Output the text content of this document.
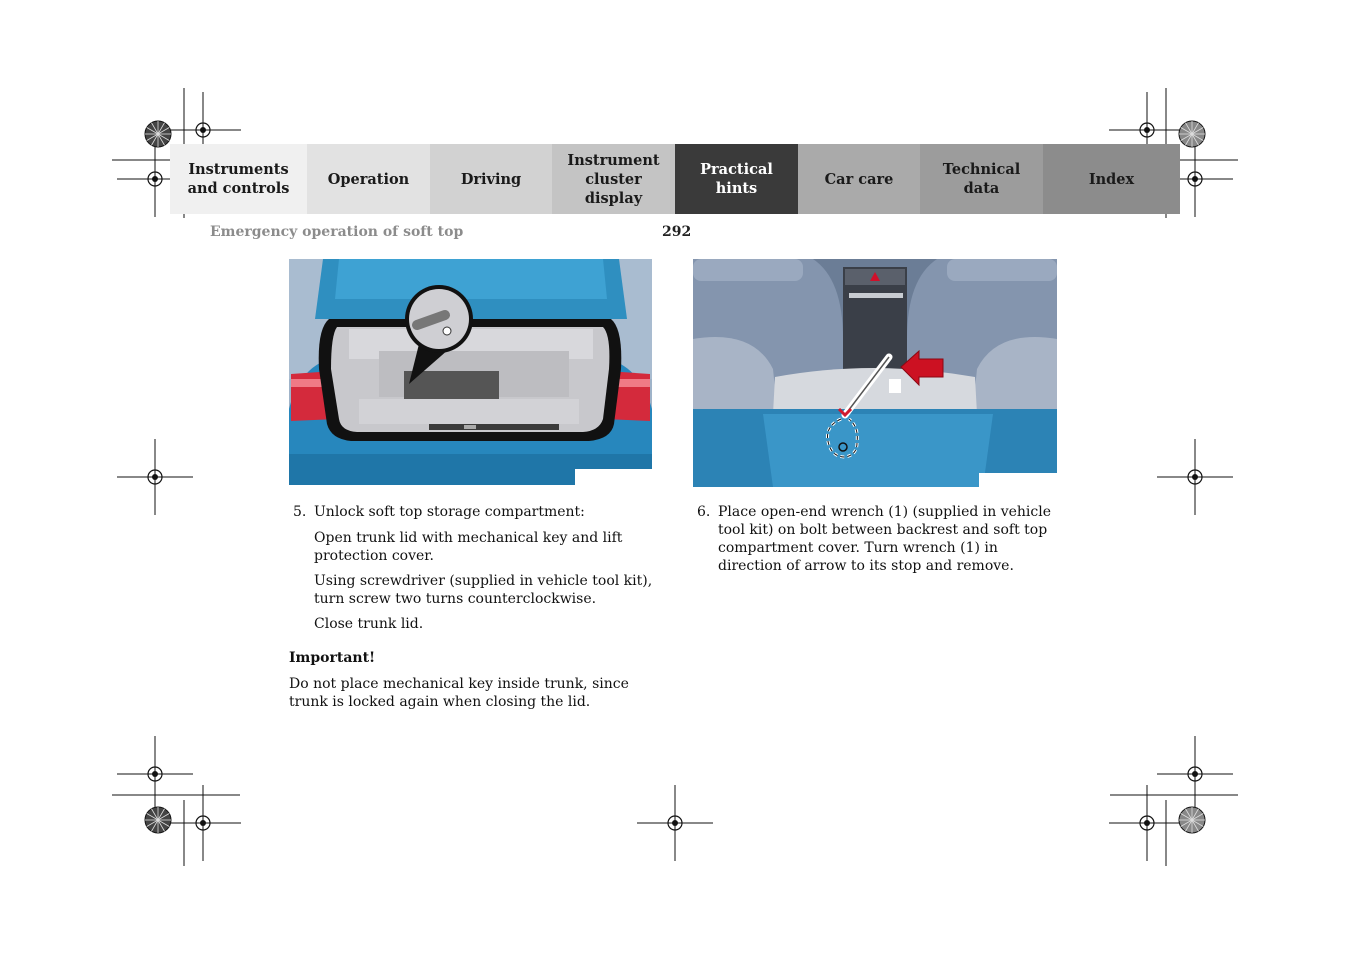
Instruments
and controls
Operation	Driving
Instrument
cluster display
Practical hints
Car care
Technical
data
Index
Emergency operation of soft top	292
5. Unlock soft top storage compartment:

Open trunk lid with mechanical key and lift protection cover.

Using screwdriver (supplied in vehicle tool kit), turn screw two turns counterclockwise.

Close trunk lid.

Important!

Do not place mechanical key inside trunk, since trunk is locked again when closing the lid.

6. Place open-end wrench (1) (supplied in vehicle tool kit) on bolt between backrest and soft top compartment cover. Turn wrench (1) in direction of arrow to its stop and remove.
